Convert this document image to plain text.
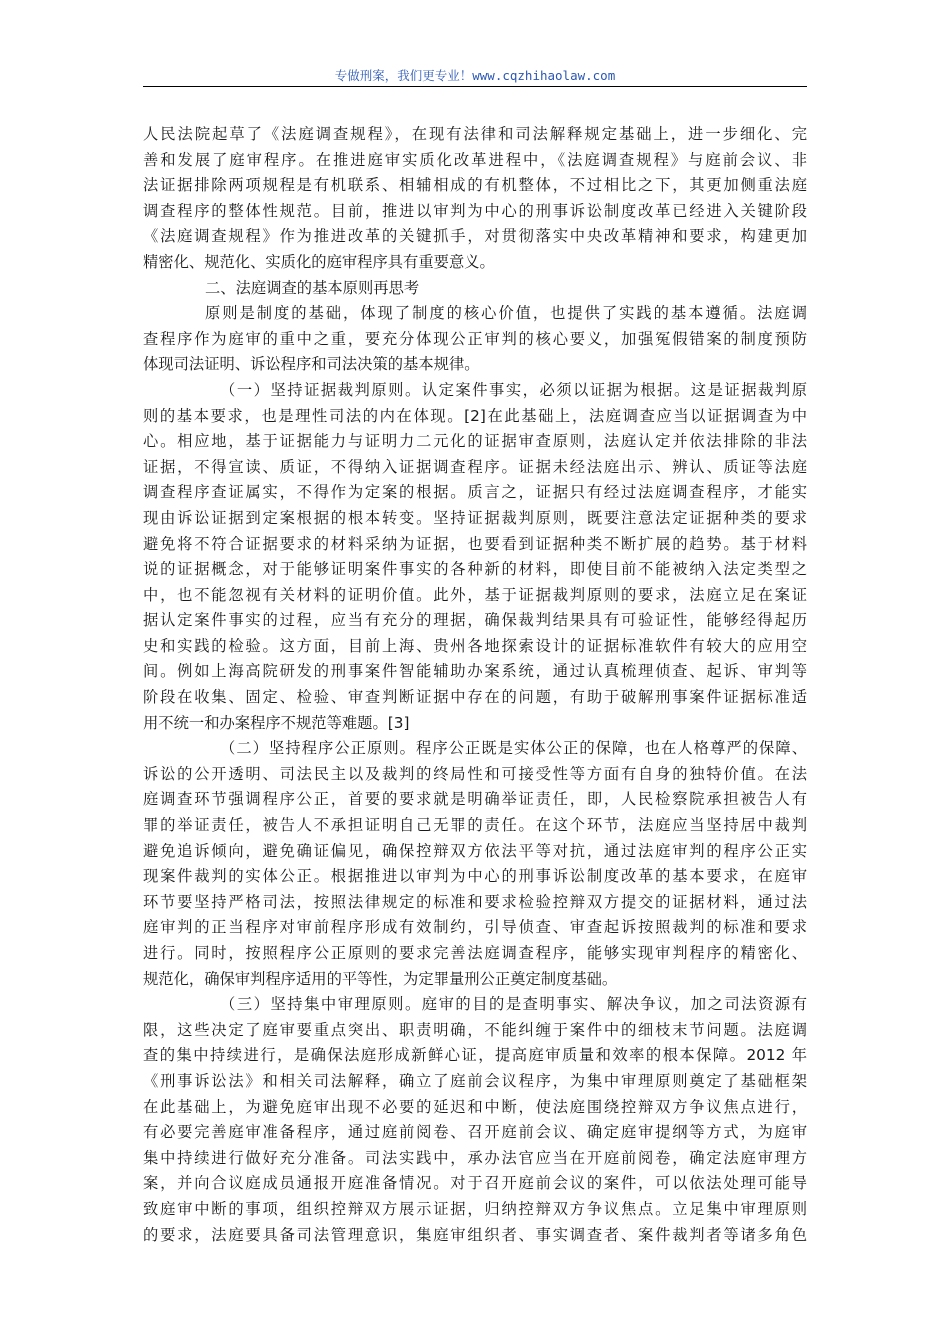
专做刑案，我们更专业！www.cqzhihaolaw.com
人民法院起草了《法庭调查规程》，在现有法律和司法解释规定基础上，进一步细化、完
善和发展了庭审程序。在推进庭审实质化改革进程中，《法庭调查规程》与庭前会议、非
法证据排除两项规程是有机联系、相辅相成的有机整体，不过相比之下，其更加侧重法庭
调查程序的整体性规范。目前，推进以审判为中心的刑事诉讼制度改革已经进入关键阶段
《法庭调查规程》作为推进改革的关键抓手，对贯彻落实中央改革精神和要求，构建更加
精密化、规范化、实质化的庭审程序具有重要意义。
二、法庭调查的基本原则再思考
原则是制度的基础，体现了制度的核心价值，也提供了实践的基本遵循。法庭调
查程序作为庭审的重中之重，要充分体现公正审判的核心要义，加强冤假错案的制度预防
体现司法证明、诉讼程序和司法决策的基本规律。
（一）坚持证据裁判原则。认定案件事实，必须以证据为根据。这是证据裁判原
则的基本要求，也是理性司法的内在体现。[2]在此基础上，法庭调查应当以证据调查为中
心。相应地，基于证据能力与证明力二元化的证据审查原则，法庭认定并依法排除的非法
证据，不得宣读、质证，不得纳入证据调查程序。证据未经法庭出示、辨认、质证等法庭
调查程序查证属实，不得作为定案的根据。质言之，证据只有经过法庭调查程序，才能实
现由诉讼证据到定案根据的根本转变。坚持证据裁判原则，既要注意法定证据种类的要求
避免将不符合证据要求的材料采纳为证据，也要看到证据种类不断扩展的趋势。基于材料
说的证据概念，对于能够证明案件事实的各种新的材料，即使目前不能被纳入法定类型之
中，也不能忽视有关材料的证明价值。此外，基于证据裁判原则的要求，法庭立足在案证
据认定案件事实的过程，应当有充分的理据，确保裁判结果具有可验证性，能够经得起历
史和实践的检验。这方面，目前上海、贵州各地探索设计的证据标准软件有较大的应用空
间。例如上海高院研发的刑事案件智能辅助办案系统，通过认真梳理侦查、起诉、审判等
阶段在收集、固定、检验、审查判断证据中存在的问题，有助于破解刑事案件证据标准适
用不统一和办案程序不规范等难题。[3]
（二）坚持程序公正原则。程序公正既是实体公正的保障，也在人格尊严的保障、
诉讼的公开透明、司法民主以及裁判的终局性和可接受性等方面有自身的独特价值。在法
庭调查环节强调程序公正，首要的要求就是明确举证责任，即，人民检察院承担被告人有
罪的举证责任，被告人不承担证明自己无罪的责任。在这个环节，法庭应当坚持居中裁判
避免追诉倾向，避免确证偏见，确保控辩双方依法平等对抗，通过法庭审判的程序公正实
现案件裁判的实体公正。根据推进以审判为中心的刑事诉讼制度改革的基本要求，在庭审
环节要坚持严格司法，按照法律规定的标准和要求检验控辩双方提交的证据材料，通过法
庭审判的正当程序对审前程序形成有效制约，引导侦查、审查起诉按照裁判的标准和要求
进行。同时，按照程序公正原则的要求完善法庭调查程序，能够实现审判程序的精密化、
规范化，确保审判程序适用的平等性，为定罪量刑公正奠定制度基础。
（三）坚持集中审理原则。庭审的目的是查明事实、解决争议，加之司法资源有
限，这些决定了庭审要重点突出、职责明确，不能纠缠于案件中的细枝末节问题。法庭调
查的集中持续进行，是确保法庭形成新鲜心证，提高庭审质量和效率的根本保障。2012 年
《刑事诉讼法》和相关司法解释，确立了庭前会议程序，为集中审理原则奠定了基础框架
在此基础上，为避免庭审出现不必要的延迟和中断，使法庭围绕控辩双方争议焦点进行，
有必要完善庭审准备程序，通过庭前阅卷、召开庭前会议、确定庭审提纲等方式，为庭审
集中持续进行做好充分准备。司法实践中，承办法官应当在开庭前阅卷，确定法庭审理方
案，并向合议庭成员通报开庭准备情况。对于召开庭前会议的案件，可以依法处理可能导
致庭审中断的事项，组织控辩双方展示证据，归纳控辩双方争议焦点。立足集中审理原则
的要求，法庭要具备司法管理意识，集庭审组织者、事实调查者、案件裁判者等诸多角色
